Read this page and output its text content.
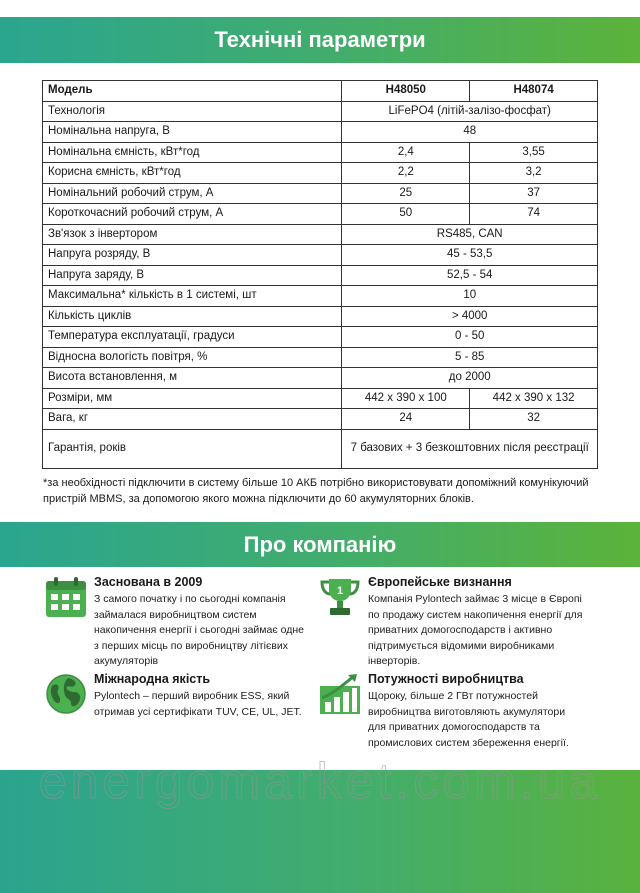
Технічні параметри
Модель	H48050	H48074
Технологія	LiFePO4 (літій-залізо-фосфат)	
Номінальна напруга, В	48	
Номінальна ємність, кВт*год	2,4	3,55
Корисна ємність, кВт*год	2,2	3,2
Номінальний робочий струм, А	25	37
Короткочасний робочий струм, А	50	74
Зв'язок з інвертором	RS485, CAN	
Напруга розряду, В	45 - 53,5	
Напруга заряду, В	52,5 - 54	
Максимальна* кількість в 1 системі, шт	10	
Кількість циклів	> 4000	
Температура експлуатації, градуси	0 - 50	
Відносна вологість повітря, %	5 - 85	
Висота встановлення, м	до 2000	
Розміри, мм	442 x 390 x 100	442 x 390 x 132
Вага, кг	24	32
Гарантія, років	7 базових + 3 безкоштовних після реєстрації	
*за необхідності підключити в систему більше 10 АКБ потрібно використовувати допоміжний комунікуючий пристрій MBMS, за допомогою якого можна підключити до 60 акумуляторних блоків.
Про компанію
Заснована в 2009
З самого початку і по сьогодні компанія займалася виробництвом систем накопичення енергії і сьогодні займає одне з перших місць по виробництву літієвих акумуляторів
1
Європейське визнання
Компанія Pylontech займає 3 місце в Європі по продажу систем накопичення енергії для приватних домогосподарств і активно підтримується відомими виробниками інверторів.
Міжнародна якість
Pylontech – перший виробник ESS, який отримав усі сертифікати TUV, CE, UL, JET.
Потужності виробництва
Щороку, більше 2 ГВт потужностей виробництва виготовляють акумулятори для приватних домогосподарств та промислових систем збереження енергії.
energomarket.com.ua
